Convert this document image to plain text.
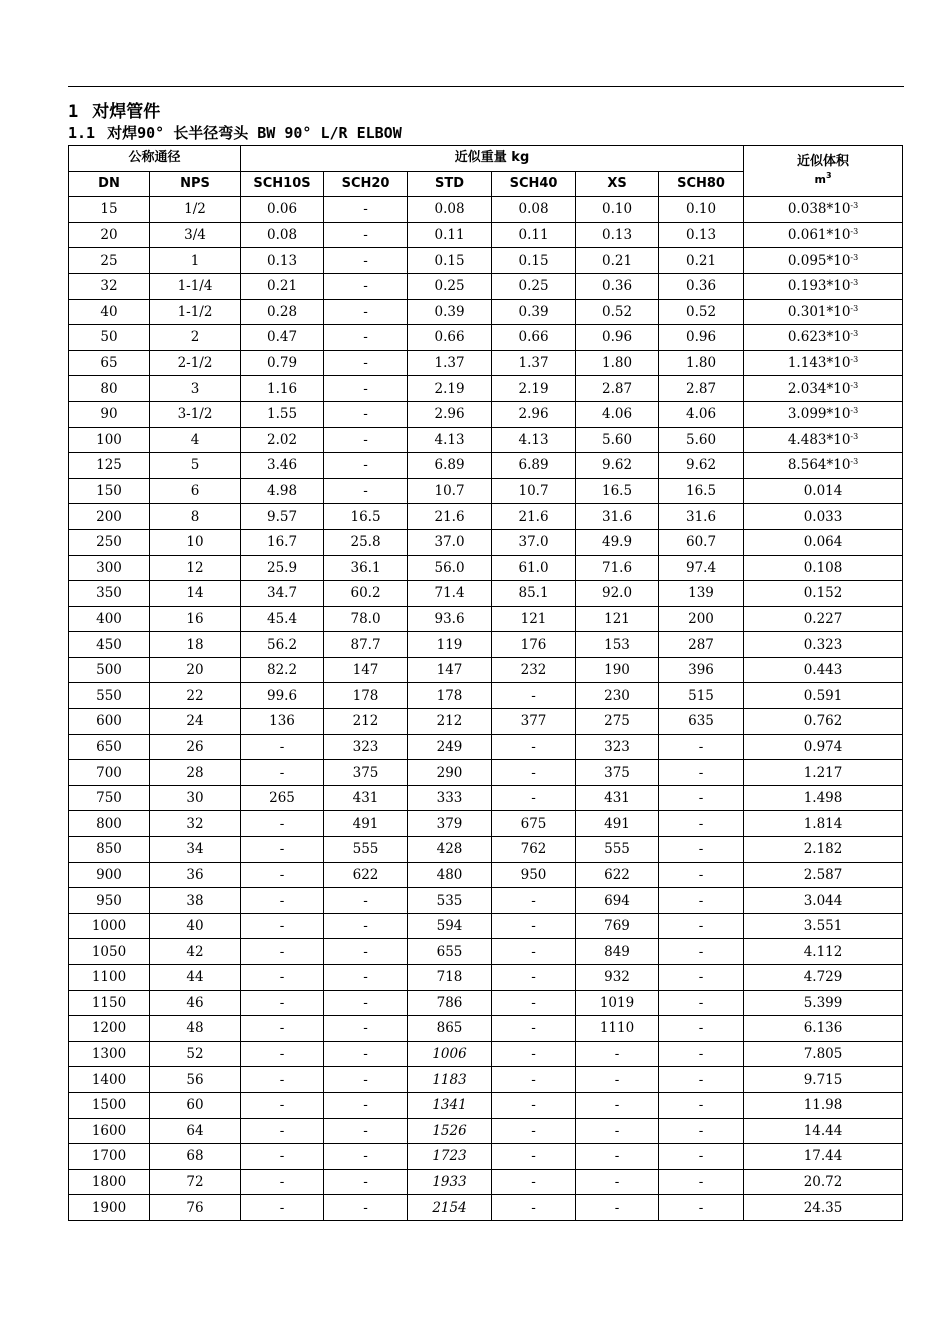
1 对焊管件
1.1 对焊90° 长半径弯头 BW 90° L/R ELBOW
公称通径		近似重量 kg						近似体积
$m^3$

DN	NPS	SCH10S	SCH20	STD	SCH40	XS	SCH80	
15	1/2	0.06	-	0.08	0.08	0.10	0.10	$0.038*10^{-3}$
20	3/4	0.08	-	0.11	0.11	0.13	0.13	$0.061*10^{-3}$
25	1	0.13	-	0.15	0.15	0.21	0.21	$0.095*10^{-3}$
32	1-1/4	0.21	-	0.25	0.25	0.36	0.36	$0.193*10^{-3}$
40	1-1/2	0.28	-	0.39	0.39	0.52	0.52	$0.301*10^{-3}$
50	2	0.47	-	0.66	0.66	0.96	0.96	$0.623*10^{-3}$
65	2-1/2	0.79	-	1.37	1.37	1.80	1.80	$1.143*10^{-3}$
80	3	1.16	-	2.19	2.19	2.87	2.87	$2.034*10^{-3}$
90	3-1/2	1.55	-	2.96	2.96	4.06	4.06	$3.099*10^{-3}$
100	4	2.02	-	4.13	4.13	5.60	5.60	$4.483*10^{-3}$
125	5	3.46	-	6.89	6.89	9.62	9.62	$8.564*10^{-3}$
150	6	4.98	-	10.7	10.7	16.5	16.5	0.014
200	8	9.57	16.5	21.6	21.6	31.6	31.6	0.033
250	10	16.7	25.8	37.0	37.0	49.9	60.7	0.064
300	12	25.9	36.1	56.0	61.0	71.6	97.4	0.108
350	14	34.7	60.2	71.4	85.1	92.0	139	0.152
400	16	45.4	78.0	93.6	121	121	200	0.227
450	18	56.2	87.7	119	176	153	287	0.323
500	20	82.2	147	147	232	190	396	0.443
550	22	99.6	178	178	-	230	515	0.591
600	24	136	212	212	377	275	635	0.762
650	26	-	323	249	-	323	-	0.974
700	28	-	375	290	-	375	-	1.217
750	30	265	431	333	-	431	-	1.498
800	32	-	491	379	675	491	-	1.814
850	34	-	555	428	762	555	-	2.182
900	36	-	622	480	950	622	-	2.587
950	38	-	-	535	-	694	-	3.044
1000	40	-	-	594	-	769	-	3.551
1050	42	-	-	655	-	849	-	4.112
1100	44	-	-	718	-	932	-	4.729
1150	46	-	-	786	-	1019	-	5.399
1200	48	-	-	865	-	1110	-	6.136
1300	52	-	-	1006	-	-	-	7.805
1400	56	-	-	1183	-	-	-	9.715
1500	60	-	-	1341	-	-	-	11.98
1600	64	-	-	1526	-	-	-	14.44
1700	68	-	-	1723	-	-	-	17.44
1800	72	-	-	1933	-	-	-	20.72
1900	76	-	-	2154	-	-	-	24.35
